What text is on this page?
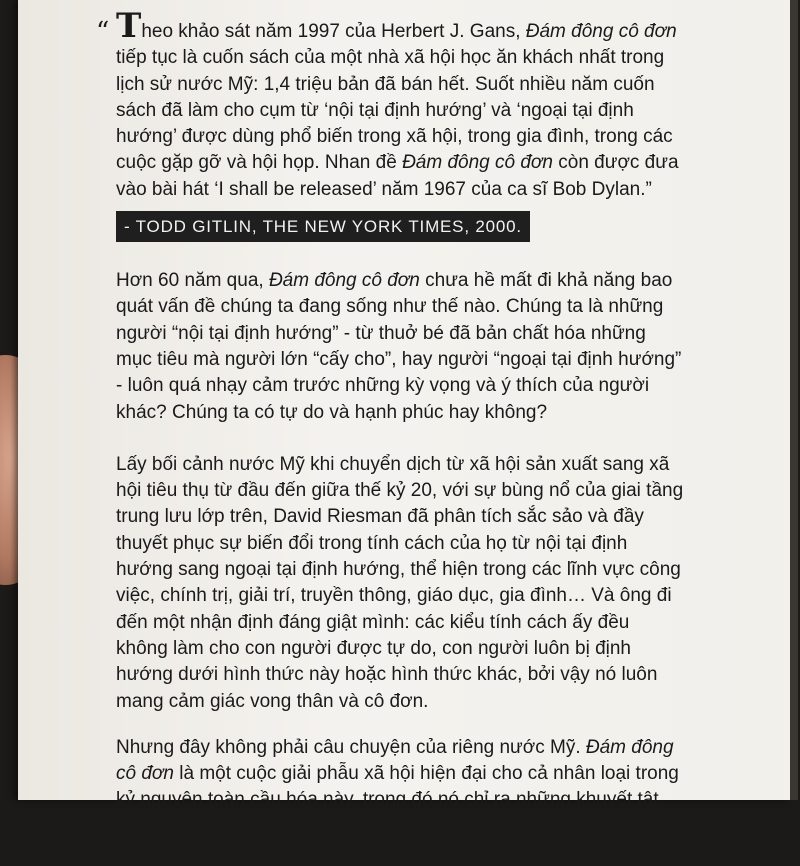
“ Theo khảo sát năm 1997 của Herbert J. Gans, Đám đông cô đơn
tiếp tục là cuốn sách của một nhà xã hội học ăn khách nhất trong
lịch sử nước Mỹ: 1,4 triệu bản đã bán hết. Suốt nhiều năm cuốn
sách đã làm cho cụm từ ‘nội tại định hướng’ và ‘ngoại tại định
hướng’ được dùng phổ biến trong xã hội, trong gia đình, trong các
cuộc gặp gỡ và hội họp. Nhan đề Đám đông cô đơn còn được đưa
vào bài hát ‘I shall be released’ năm 1967 của ca sĩ Bob Dylan.”
- TODD GITLIN, THE NEW YORK TIMES, 2000.
Hơn 60 năm qua, Đám đông cô đơn chưa hề mất đi khả năng bao
quát vấn đề chúng ta đang sống như thế nào. Chúng ta là những
người “nội tại định hướng” - từ thuở bé đã bản chất hóa những
mục tiêu mà người lớn “cấy cho”, hay người “ngoại tại định hướng”
- luôn quá nhạy cảm trước những kỳ vọng và ý thích của người
khác? Chúng ta có tự do và hạnh phúc hay không?
Lấy bối cảnh nước Mỹ khi chuyển dịch từ xã hội sản xuất sang xã
hội tiêu thụ từ đầu đến giữa thế kỷ 20, với sự bùng nổ của giai tầng
trung lưu lớp trên, David Riesman đã phân tích sắc sảo và đầy
thuyết phục sự biến đổi trong tính cách của họ từ nội tại định
hướng sang ngoại tại định hướng, thể hiện trong các lĩnh vực công
việc, chính trị, giải trí, truyền thông, giáo dục, gia đình… Và ông đi
đến một nhận định đáng giật mình: các kiểu tính cách ấy đều
không làm cho con người được tự do, con người luôn bị định
hướng dưới hình thức này hoặc hình thức khác, bởi vậy nó luôn
mang cảm giác vong thân và cô đơn.
Nhưng đây không phải câu chuyện của riêng nước Mỹ. Đám đông
cô đơn là một cuộc giải phẫu xã hội hiện đại cho cả nhân loại trong
kỷ nguyên toàn cầu hóa này, trong đó nó chỉ ra những khuyết tật
của con người, của xã hội, đồng thời cho thấy những cơ may giúp
con người trở nên hạnh phúc.
